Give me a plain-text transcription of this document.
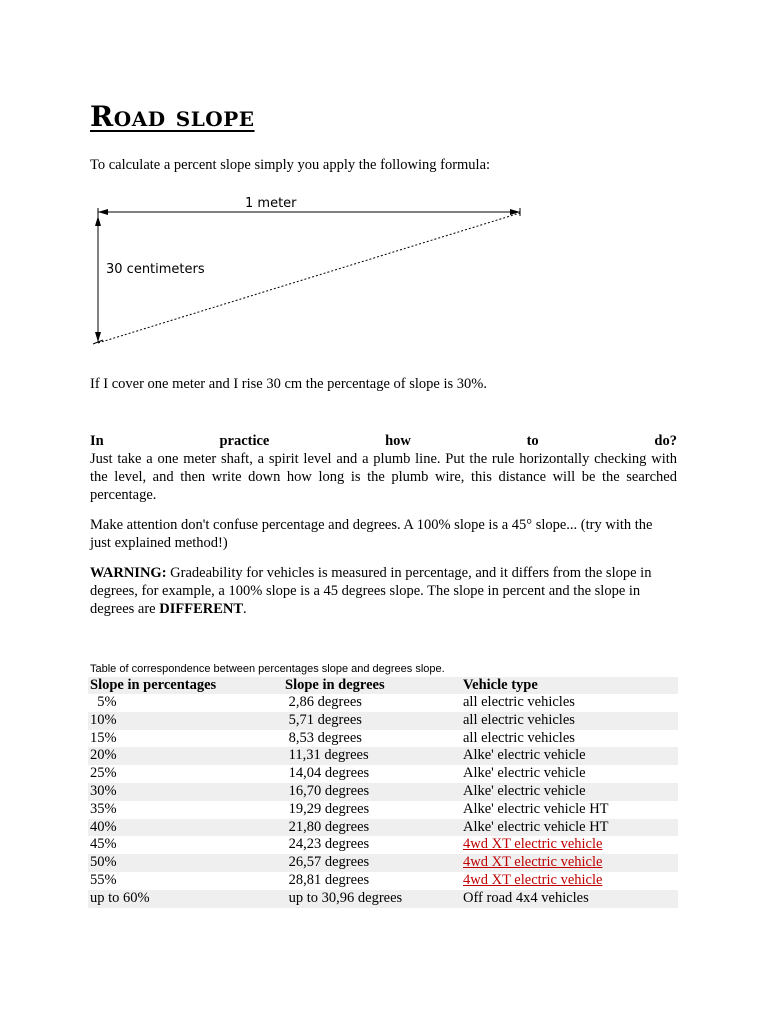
Road slope
To calculate a percent slope simply you apply the following formula:
1 meter
30 centimeters
If I cover one meter and I rise 30 cm the percentage of slope is 30%.
In	practice	how	to	do?
Just take a one meter shaft, a spirit level and a plumb line. Put the rule horizontally checking with the level, and then write down how long is the plumb wire, this distance will be the searched percentage.
Make attention don't confuse percentage and degrees. A 100% slope is a 45° slope... (try with the just explained method!)
WARNING: Gradeability for vehicles is measured in percentage, and it differs from the slope in degrees, for example, a 100% slope is a 45 degrees slope. The slope in percent and the slope in degrees are DIFFERENT.
Table of correspondence between percentages slope and degrees slope.
Slope in percentages	Slope in degrees	Vehicle type
5%	2,86 degrees	all electric vehicles
10%	5,71 degrees	all electric vehicles
15%	8,53 degrees	all electric vehicles
20%	11,31 degrees	Alke' electric vehicle
25%	14,04 degrees	Alke' electric vehicle
30%	16,70 degrees	Alke' electric vehicle
35%	19,29 degrees	Alke' electric vehicle HT
40%	21,80 degrees	Alke' electric vehicle HT
45%	24,23 degrees	4wd XT electric vehicle
50%	26,57 degrees	4wd XT electric vehicle
55%	28,81 degrees	4wd XT electric vehicle
up to 60%	up to 30,96 degrees	Off road 4x4 vehicles
